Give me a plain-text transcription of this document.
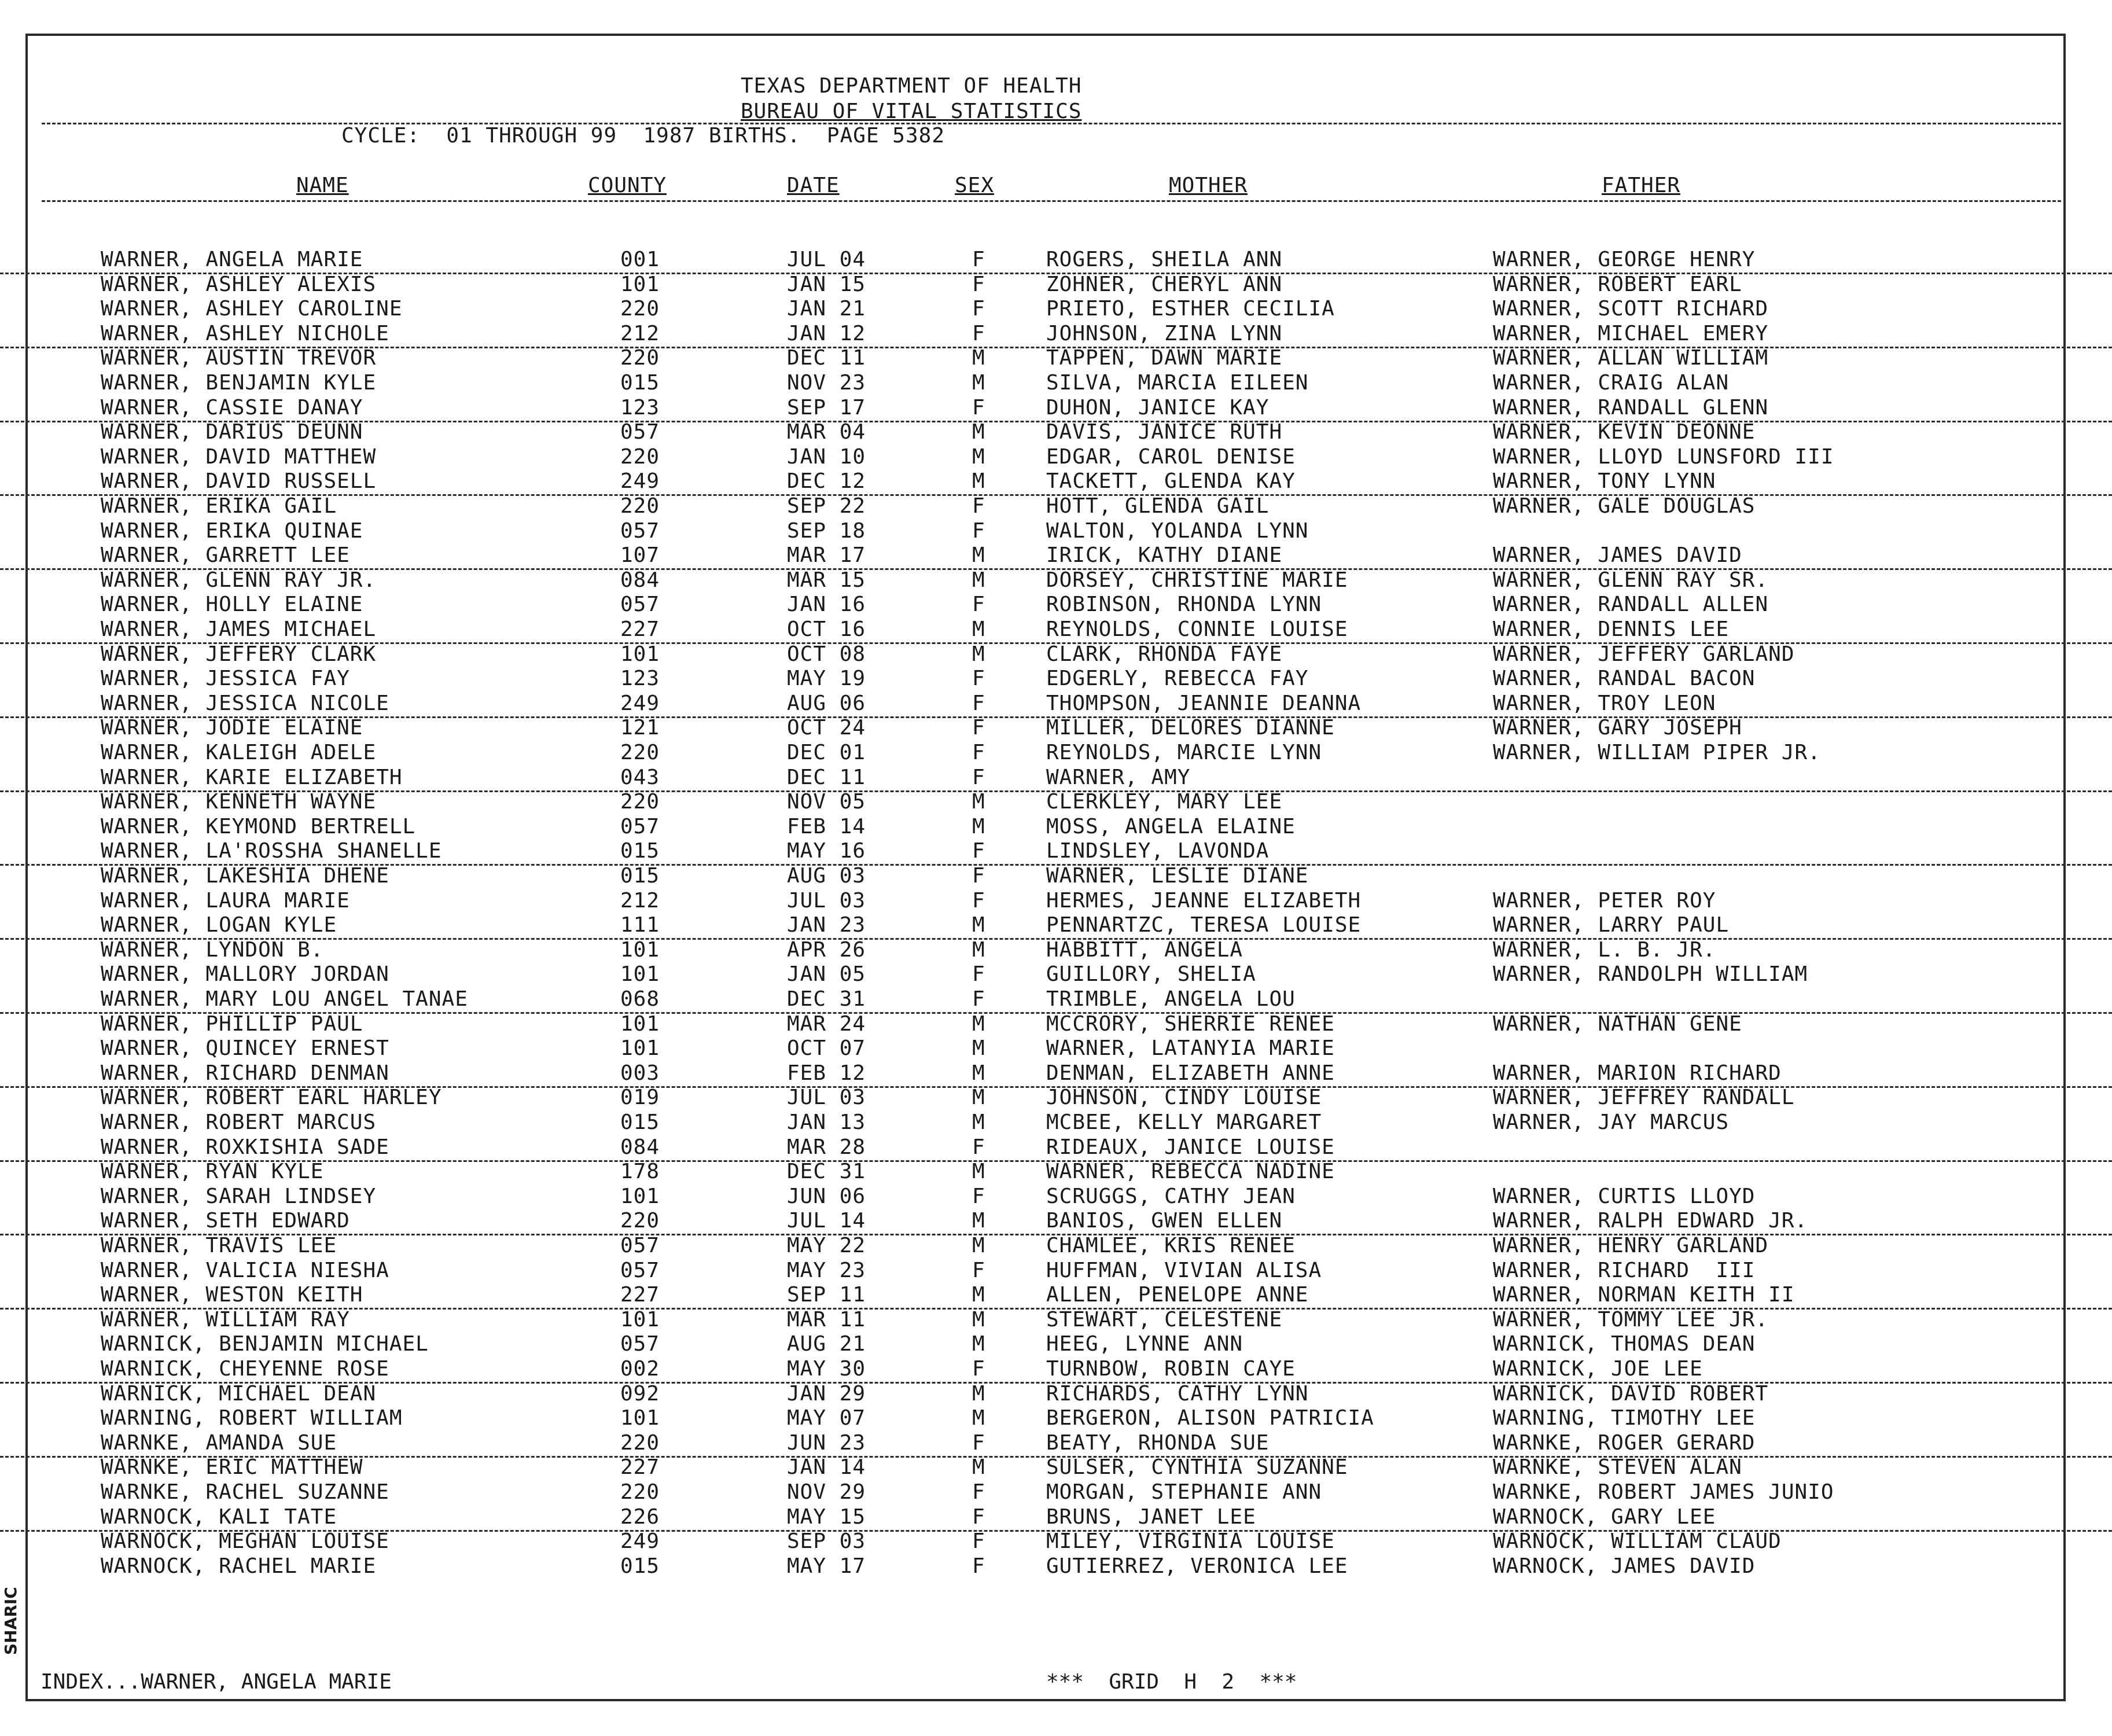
TEXAS DEPARTMENT OF HEALTH
BUREAU OF VITAL STATISTICS
CYCLE:  01 THROUGH 99  1987 BIRTHS.  PAGE 5382
NAME	COUNTY	DATE	SEX	MOTHER	FATHER
WARNER, ANGELA MARIE	001	JUL 04	F	ROGERS, SHEILA ANN	WARNER, GEORGE HENRY
WARNER, ASHLEY ALEXIS	101	JAN 15	F	ZOHNER, CHERYL ANN	WARNER, ROBERT EARL
WARNER, ASHLEY CAROLINE	220	JAN 21	F	PRIETO, ESTHER CECILIA	WARNER, SCOTT RICHARD
WARNER, ASHLEY NICHOLE	212	JAN 12	F	JOHNSON, ZINA LYNN	WARNER, MICHAEL EMERY
WARNER, AUSTIN TREVOR	220	DEC 11	M	TAPPEN, DAWN MARIE	WARNER, ALLAN WILLIAM
WARNER, BENJAMIN KYLE	015	NOV 23	M	SILVA, MARCIA EILEEN	WARNER, CRAIG ALAN
WARNER, CASSIE DANAY	123	SEP 17	F	DUHON, JANICE KAY	WARNER, RANDALL GLENN
WARNER, DARIUS DEUNN	057	MAR 04	M	DAVIS, JANICE RUTH	WARNER, KEVIN DEONNE
WARNER, DAVID MATTHEW	220	JAN 10	M	EDGAR, CAROL DENISE	WARNER, LLOYD LUNSFORD III
WARNER, DAVID RUSSELL	249	DEC 12	M	TACKETT, GLENDA KAY	WARNER, TONY LYNN
WARNER, ERIKA GAIL	220	SEP 22	F	HOTT, GLENDA GAIL	WARNER, GALE DOUGLAS
WARNER, ERIKA QUINAE	057	SEP 18	F	WALTON, YOLANDA LYNN
WARNER, GARRETT LEE	107	MAR 17	M	IRICK, KATHY DIANE	WARNER, JAMES DAVID
WARNER, GLENN RAY JR.	084	MAR 15	M	DORSEY, CHRISTINE MARIE	WARNER, GLENN RAY SR.
WARNER, HOLLY ELAINE	057	JAN 16	F	ROBINSON, RHONDA LYNN	WARNER, RANDALL ALLEN
WARNER, JAMES MICHAEL	227	OCT 16	M	REYNOLDS, CONNIE LOUISE	WARNER, DENNIS LEE
WARNER, JEFFERY CLARK	101	OCT 08	M	CLARK, RHONDA FAYE	WARNER, JEFFERY GARLAND
WARNER, JESSICA FAY	123	MAY 19	F	EDGERLY, REBECCA FAY	WARNER, RANDAL BACON
WARNER, JESSICA NICOLE	249	AUG 06	F	THOMPSON, JEANNIE DEANNA	WARNER, TROY LEON
WARNER, JODIE ELAINE	121	OCT 24	F	MILLER, DELORES DIANNE	WARNER, GARY JOSEPH
WARNER, KALEIGH ADELE	220	DEC 01	F	REYNOLDS, MARCIE LYNN	WARNER, WILLIAM PIPER JR.
WARNER, KARIE ELIZABETH	043	DEC 11	F	WARNER, AMY
WARNER, KENNETH WAYNE	220	NOV 05	M	CLERKLEY, MARY LEE
WARNER, KEYMOND BERTRELL	057	FEB 14	M	MOSS, ANGELA ELAINE
WARNER, LA'ROSSHA SHANELLE	015	MAY 16	F	LINDSLEY, LAVONDA
WARNER, LAKESHIA DHENE	015	AUG 03	F	WARNER, LESLIE DIANE
WARNER, LAURA MARIE	212	JUL 03	F	HERMES, JEANNE ELIZABETH	WARNER, PETER ROY
WARNER, LOGAN KYLE	111	JAN 23	M	PENNARTZC, TERESA LOUISE	WARNER, LARRY PAUL
WARNER, LYNDON B.	101	APR 26	M	HABBITT, ANGELA	WARNER, L. B. JR.
WARNER, MALLORY JORDAN	101	JAN 05	F	GUILLORY, SHELIA	WARNER, RANDOLPH WILLIAM
WARNER, MARY LOU ANGEL TANAE	068	DEC 31	F	TRIMBLE, ANGELA LOU
WARNER, PHILLIP PAUL	101	MAR 24	M	MCCRORY, SHERRIE RENEE	WARNER, NATHAN GENE
WARNER, QUINCEY ERNEST	101	OCT 07	M	WARNER, LATANYIA MARIE
WARNER, RICHARD DENMAN	003	FEB 12	M	DENMAN, ELIZABETH ANNE	WARNER, MARION RICHARD
WARNER, ROBERT EARL HARLEY	019	JUL 03	M	JOHNSON, CINDY LOUISE	WARNER, JEFFREY RANDALL
WARNER, ROBERT MARCUS	015	JAN 13	M	MCBEE, KELLY MARGARET	WARNER, JAY MARCUS
WARNER, ROXKISHIA SADE	084	MAR 28	F	RIDEAUX, JANICE LOUISE
WARNER, RYAN KYLE	178	DEC 31	M	WARNER, REBECCA NADINE
WARNER, SARAH LINDSEY	101	JUN 06	F	SCRUGGS, CATHY JEAN	WARNER, CURTIS LLOYD
WARNER, SETH EDWARD	220	JUL 14	M	BANIOS, GWEN ELLEN	WARNER, RALPH EDWARD JR.
WARNER, TRAVIS LEE	057	MAY 22	M	CHAMLEE, KRIS RENEE	WARNER, HENRY GARLAND
WARNER, VALICIA NIESHA	057	MAY 23	F	HUFFMAN, VIVIAN ALISA	WARNER, RICHARD  III
WARNER, WESTON KEITH	227	SEP 11	M	ALLEN, PENELOPE ANNE	WARNER, NORMAN KEITH II
WARNER, WILLIAM RAY	101	MAR 11	M	STEWART, CELESTENE	WARNER, TOMMY LEE JR.
WARNICK, BENJAMIN MICHAEL	057	AUG 21	M	HEEG, LYNNE ANN	WARNICK, THOMAS DEAN
WARNICK, CHEYENNE ROSE	002	MAY 30	F	TURNBOW, ROBIN CAYE	WARNICK, JOE LEE
WARNICK, MICHAEL DEAN	092	JAN 29	M	RICHARDS, CATHY LYNN	WARNICK, DAVID ROBERT
WARNING, ROBERT WILLIAM	101	MAY 07	M	BERGERON, ALISON PATRICIA	WARNING, TIMOTHY LEE
WARNKE, AMANDA SUE	220	JUN 23	F	BEATY, RHONDA SUE	WARNKE, ROGER GERARD
WARNKE, ERIC MATTHEW	227	JAN 14	M	SULSER, CYNTHIA SUZANNE	WARNKE, STEVEN ALAN
WARNKE, RACHEL SUZANNE	220	NOV 29	F	MORGAN, STEPHANIE ANN	WARNKE, ROBERT JAMES JUNIO
WARNOCK, KALI TATE	226	MAY 15	F	BRUNS, JANET LEE	WARNOCK, GARY LEE
WARNOCK, MEGHAN LOUISE	249	SEP 03	F	MILEY, VIRGINIA LOUISE	WARNOCK, WILLIAM CLAUD
WARNOCK, RACHEL MARIE	015	MAY 17	F	GUTIERREZ, VERONICA LEE	WARNOCK, JAMES DAVID
INDEX...WARNER, ANGELA MARIE	***  GRID  H  2  ***
SHARIC
